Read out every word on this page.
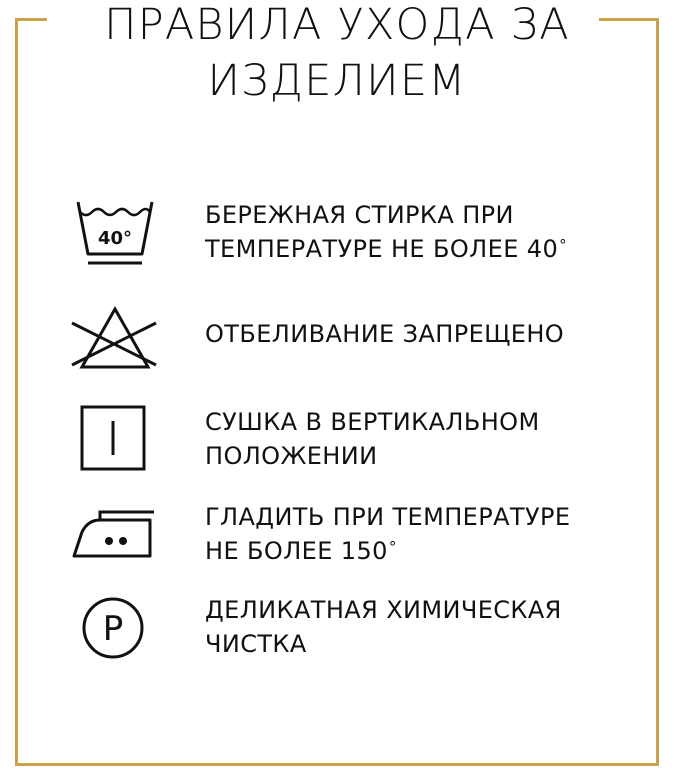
ПРАВИЛА УХОДА ЗА
ИЗДЕЛИЕМ
40°
БЕРЕЖНАЯ СТИРКА ПРИ
ТЕМПЕРАТУРЕ НЕ БОЛЕЕ 40°
ОТБЕЛИВАНИЕ ЗАПРЕЩЕНО
СУШКА В ВЕРТИКАЛЬНОМ
ПОЛОЖЕНИИ
ГЛАДИТЬ ПРИ ТЕМПЕРАТУРЕ
НЕ БОЛЕЕ 150°
P	ДЕЛИКАТНАЯ ХИМИЧЕСКАЯ
ЧИСТКА
